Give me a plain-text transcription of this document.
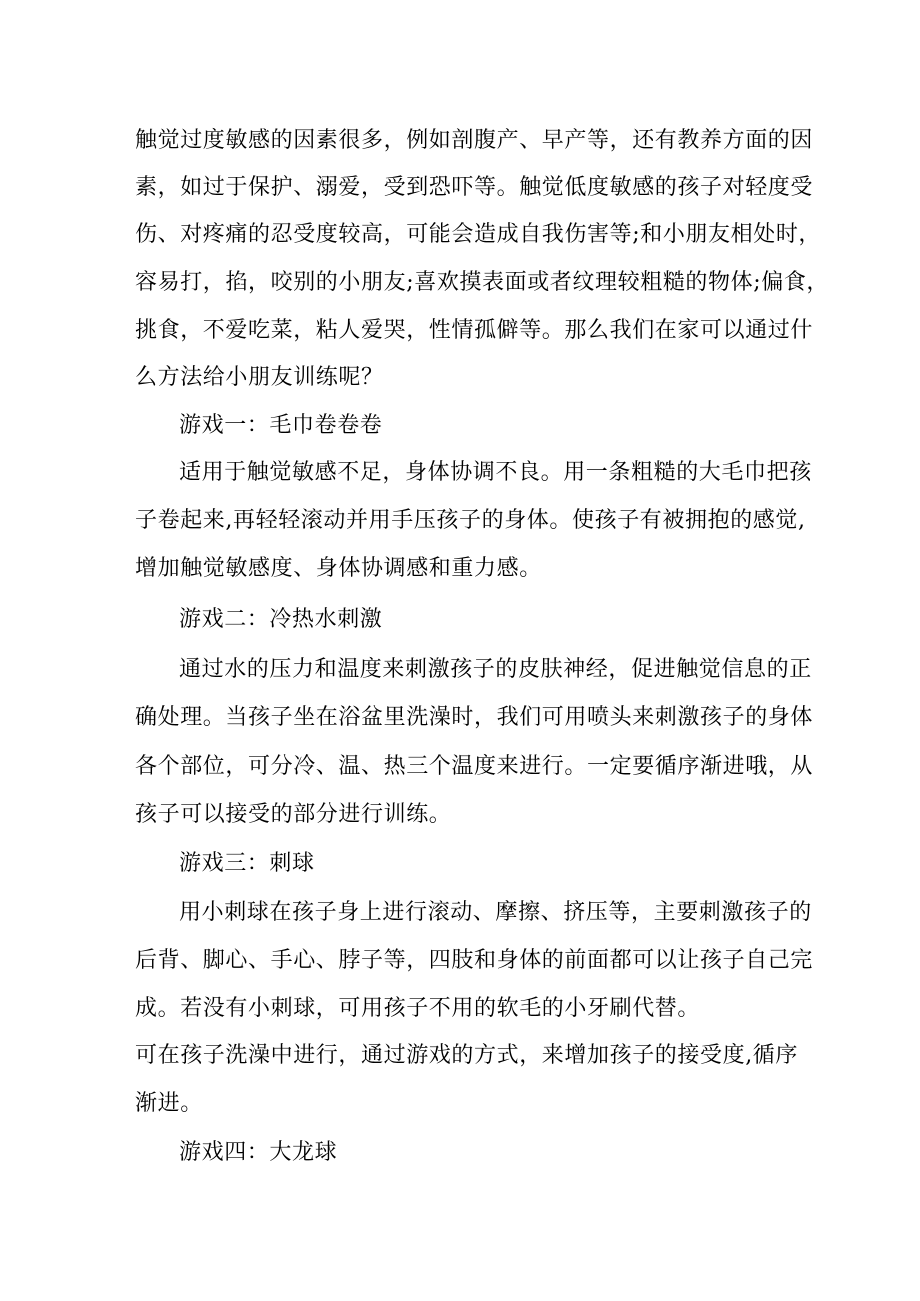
触觉过度敏感的因素很多，例如剖腹产、早产等，还有教养方面的因
素，如过于保护、溺爱，受到恐吓等。触觉低度敏感的孩子对轻度受
伤、对疼痛的忍受度较高，可能会造成自我伤害等;和小朋友相处时，
容易打，掐，咬别的小朋友;喜欢摸表面或者纹理较粗糙的物体;偏食，
挑食，不爱吃菜，粘人爱哭，性情孤僻等。那么我们在家可以通过什
么方法给小朋友训练呢？
游戏一：毛巾卷卷卷
适用于触觉敏感不足，身体协调不良。用一条粗糙的大毛巾把孩
子卷起来,再轻轻滚动并用手压孩子的身体。使孩子有被拥抱的感觉,
增加触觉敏感度、身体协调感和重力感。
游戏二：冷热水刺激
通过水的压力和温度来刺激孩子的皮肤神经，促进触觉信息的正
确处理。当孩子坐在浴盆里洗澡时，我们可用喷头来刺激孩子的身体
各个部位，可分冷、温、热三个温度来进行。一定要循序渐进哦，从
孩子可以接受的部分进行训练。
游戏三：刺球
用小刺球在孩子身上进行滚动、摩擦、挤压等，主要刺激孩子的
后背、脚心、手心、脖子等，四肢和身体的前面都可以让孩子自己完
成。若没有小刺球，可用孩子不用的软毛的小牙刷代替。
可在孩子洗澡中进行，通过游戏的方式，来增加孩子的接受度,循序
渐进。
游戏四：大龙球
